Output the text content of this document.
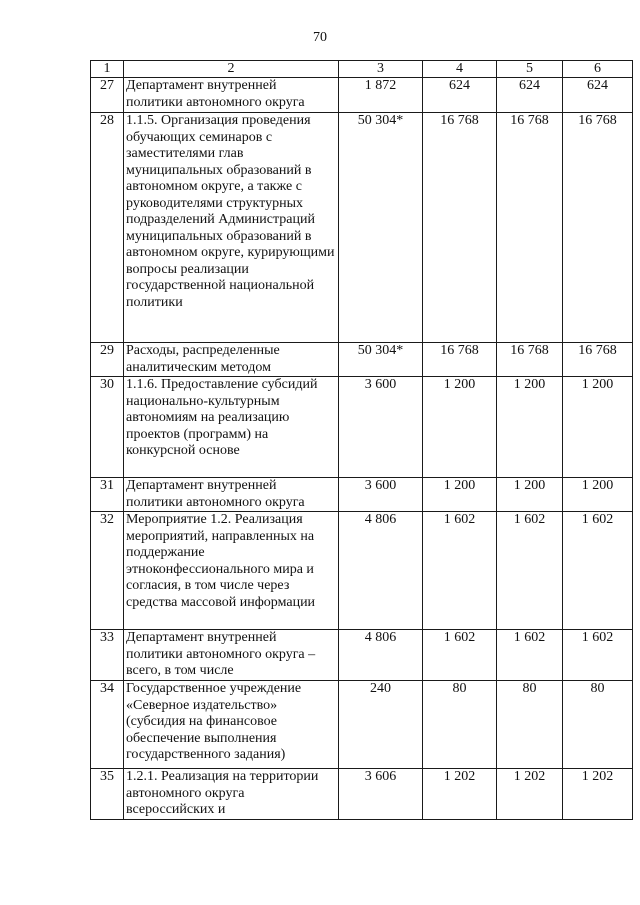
70
1	2	3	4	5	6
27	Департамент внутренней политики автономного округа	1 872	624	624	624
28	1.1.5. Организация проведения обучающих семинаров с заместителями глав муниципальных образований в автономном округе, а также с руководителями структурных подразделений Администраций муниципальных образований в автономном округе, курирующими вопросы реализации государственной национальной политики	50 304*	16 768	16 768	16 768
29	Расходы, распределенные аналитическим методом	50 304*	16 768	16 768	16 768
30	1.1.6. Предоставление субсидий национально-культурным автономиям на реализацию проектов (программ) на конкурсной основе	3 600	1 200	1 200	1 200
31	Департамент внутренней политики автономного округа	3 600	1 200	1 200	1 200
32	Мероприятие 1.2. Реализация мероприятий, направленных на поддержание этноконфессионального мира и согласия, в том числе через средства массовой информации	4 806	1 602	1 602	1 602
33	Департамент внутренней политики автономного округа – всего, в том числе	4 806	1 602	1 602	1 602
34	Государственное учреждение «Северное издательство» (субсидия на финансовое обеспечение выполнения государственного задания)	240	80	80	80
35	1.2.1. Реализация на территории автономного округа всероссийских и	3 606	1 202	1 202	1 202
